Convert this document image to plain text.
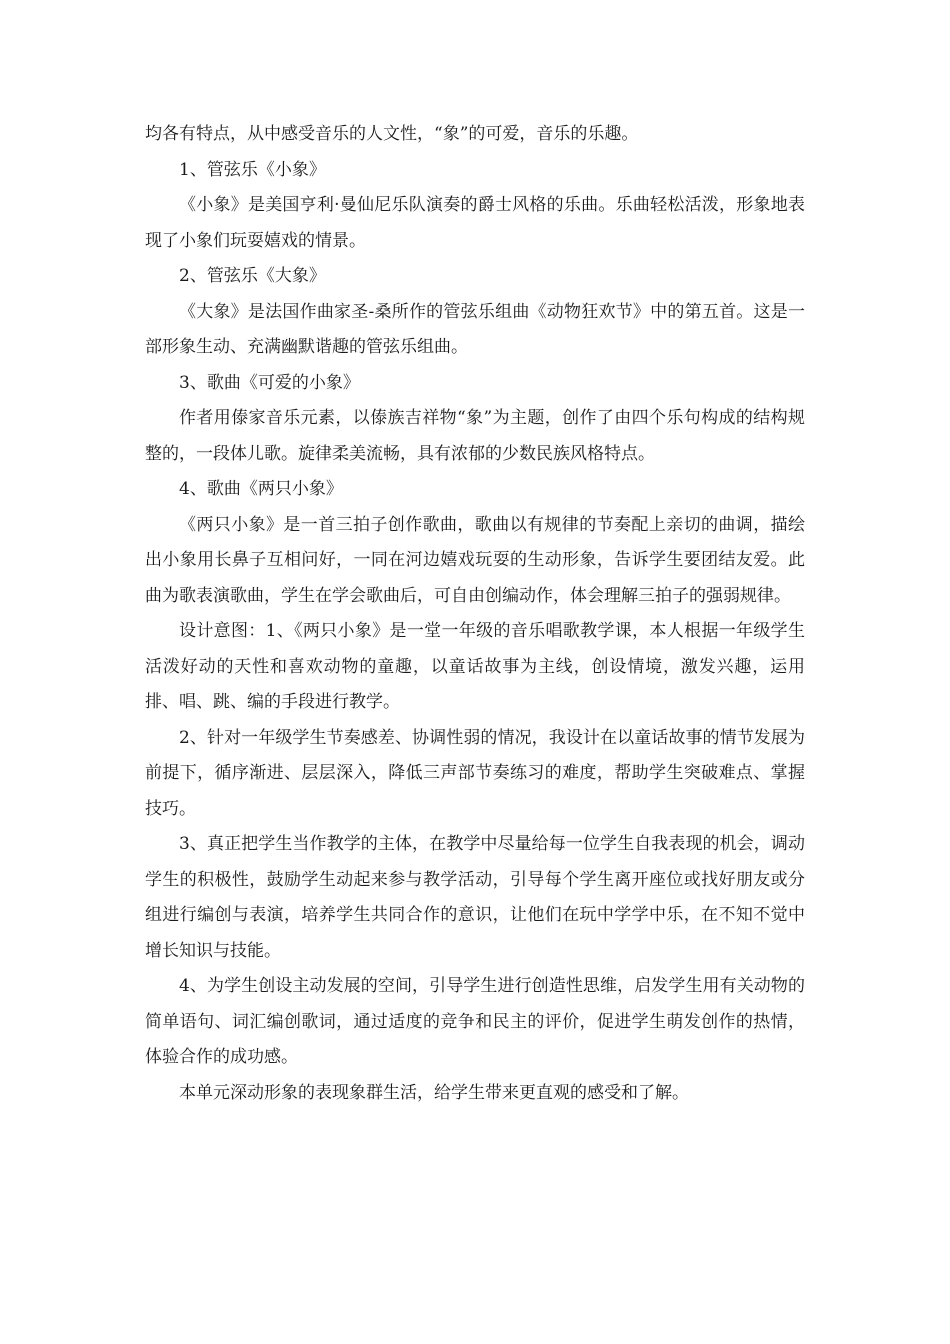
均各有特点，从中感受音乐的人文性，“象”的可爱，音乐的乐趣。

1、管弦乐《小象》

《小象》是美国亨利·曼仙尼乐队演奏的爵士风格的乐曲。乐曲轻松活泼，形象地表现了小象们玩耍嬉戏的情景。

2、管弦乐《大象》

《大象》是法国作曲家圣-桑所作的管弦乐组曲《动物狂欢节》中的第五首。这是一部形象生动、充满幽默谐趣的管弦乐组曲。

3、歌曲《可爱的小象》

作者用傣家音乐元素，以傣族吉祥物“象”为主题，创作了由四个乐句构成的结构规整的，一段体儿歌。旋律柔美流畅，具有浓郁的少数民族风格特点。

4、歌曲《两只小象》

《两只小象》是一首三拍子创作歌曲，歌曲以有规律的节奏配上亲切的曲调，描绘出小象用长鼻子互相问好，一同在河边嬉戏玩耍的生动形象，告诉学生要团结友爱。此曲为歌表演歌曲，学生在学会歌曲后，可自由创编动作，体会理解三拍子的强弱规律。

设计意图：1、《两只小象》是一堂一年级的音乐唱歌教学课，本人根据一年级学生活泼好动的天性和喜欢动物的童趣，以童话故事为主线，创设情境，激发兴趣，运用排、唱、跳、编的手段进行教学。

2、针对一年级学生节奏感差、协调性弱的情况，我设计在以童话故事的情节发展为前提下，循序渐进、层层深入，降低三声部节奏练习的难度，帮助学生突破难点、掌握技巧。

3、真正把学生当作教学的主体，在教学中尽量给每一位学生自我表现的机会，调动学生的积极性，鼓励学生动起来参与教学活动，引导每个学生离开座位或找好朋友或分组进行编创与表演，培养学生共同合作的意识，让他们在玩中学学中乐，在不知不觉中增长知识与技能。

4、为学生创设主动发展的空间，引导学生进行创造性思维，启发学生用有关动物的简单语句、词汇编创歌词，通过适度的竞争和民主的评价，促进学生萌发创作的热情，体验合作的成功感。

本单元深动形象的表现象群生活，给学生带来更直观的感受和了解。
